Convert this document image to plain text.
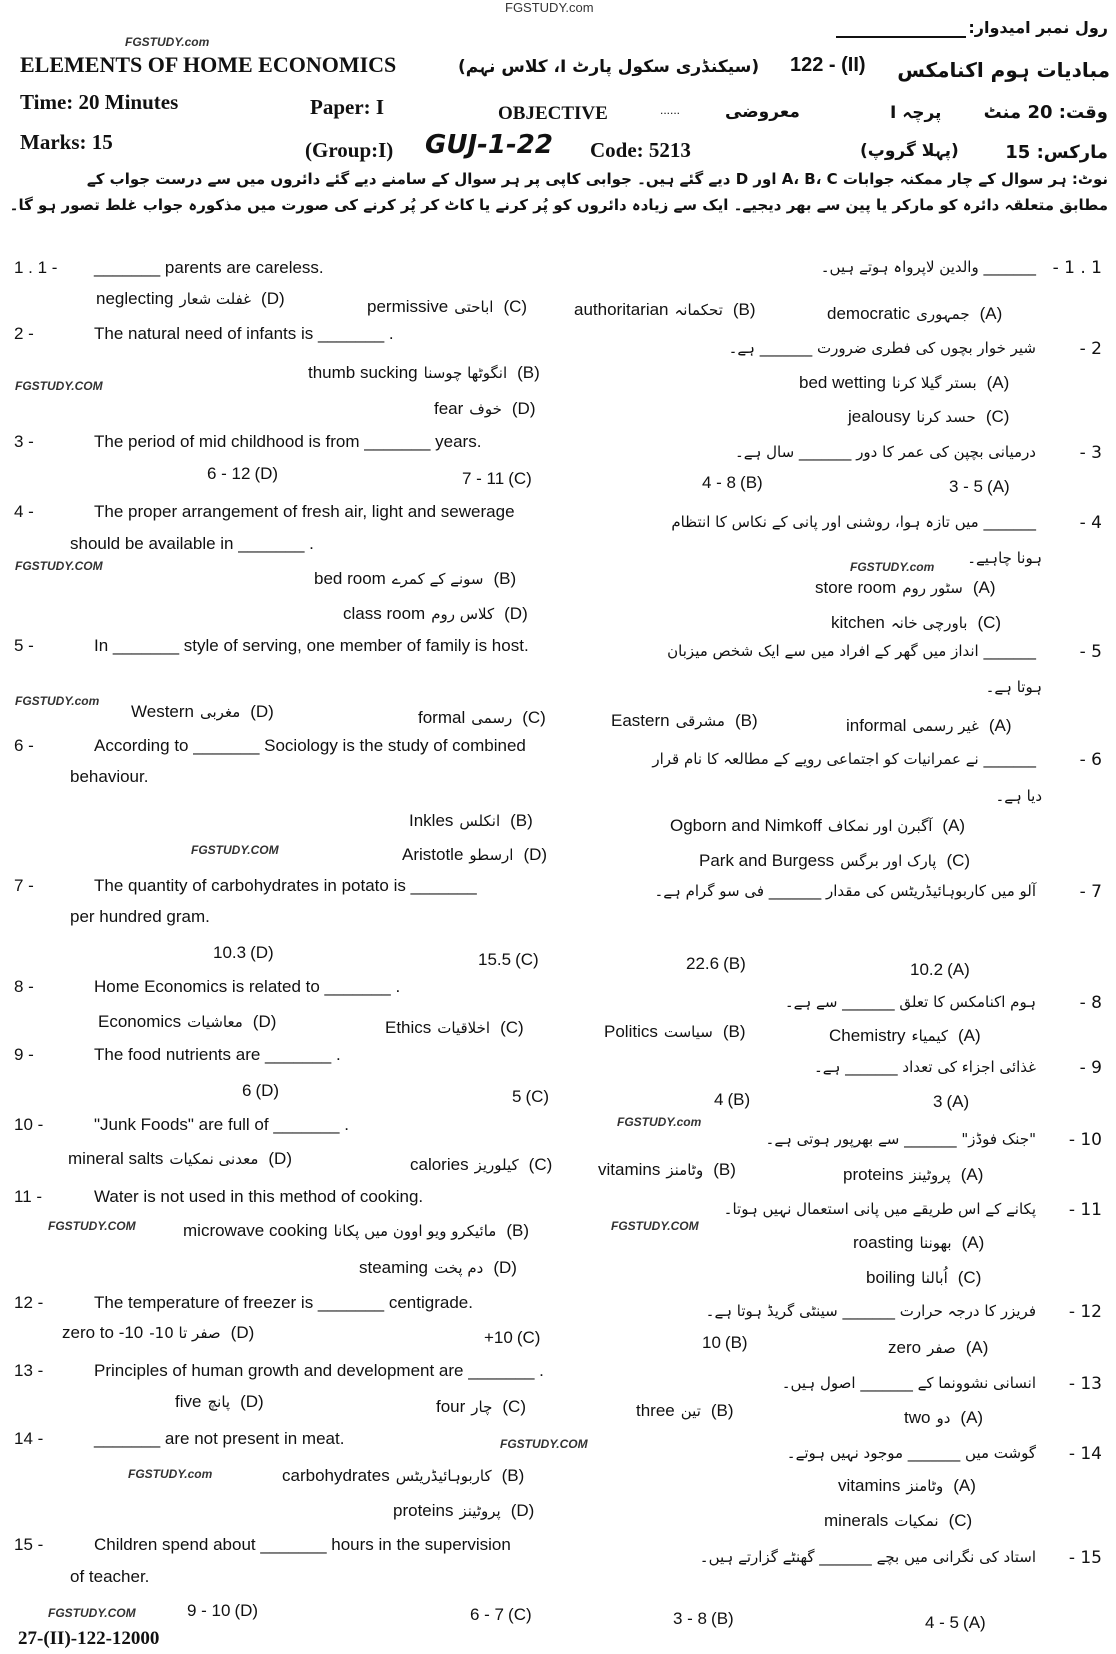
FGSTUDY.com
رول نمبر امیدوار:
ELEMENTS OF HOME ECONOMICS	(سیکنڈری سکول پارٹ I، کلاس نہم) 122 - (II) مبادیات ہوم اکنامکس
Time: 20 Minutes	Paper: I	OBJECTIVE	......	معروضی	پرچہ I وقت: 20 منٹ
Marks: 15	(Group:I) GUJ-1-22 Code: 5213	(پہلا گروپ)	مارکس: 15
نوٹ: ہر سوال کے چار ممکنہ جوابات A، B، C اور D دیے گئے ہیں۔ جوابی کاپی پر ہر سوال کے سامنے دیے گئے دائروں میں سے درست جواب کے
مطابق متعلقہ دائرہ کو مارکر یا پین سے بھر دیجیے۔ ایک سے زیادہ دائروں کو پُر کرنے یا کاٹ کر پُر کرنے کی صورت میں مذکورہ جواب غلط تصور ہو گا۔
1 . 1 - _______ parents are careless.	- 1 . 1
_______ والدین لاپرواہ ہوتے ہیں۔
democratic جمہوری (A)
authoritarian تحکمانہ (B)
permissive اباحتی (C)
neglecting غفلت شعار (D)
2 -	The natural need of infants is _______ .
- 2
شیر خوار بچوں کی فطری ضرورت _______ ہے۔
bed wetting بستر گیلا کرنا (A)
thumb sucking انگوٹھا چوسنا (B)
jealousy حسد کرنا (C)
fear خوف (D)
3 -	The period of mid childhood is from _______ years.
- 3
درمیانی بچپن کی عمر کا دور _______ سال ہے۔
3 - 5 (A)
4 - 8 (B)
7 - 11 (C)
6 - 12 (D)
4 -	The proper arrangement of fresh air, light and sewerage
should be available in _______ .
- 4
_______ میں تازہ ہوا، روشنی اور پانی کے نکاس کا انتظام
ہونا چاہیے۔
store room سٹور روم (A)
bed room سونے کے کمرے (B)
kitchen باورچی خانہ (C)
class room کلاس روم (D)
5 -	In _______ style of serving, one member of family is host.	- 5
_______ انداز میں گھر کے افراد میں سے ایک شخص میزبان
ہوتا ہے۔
informal غیر رسمی (A)
Eastern مشرقی (B)
formal رسمی (C)
Western مغربی (D)
6 -	According to _______ Sociology is the study of combined
behaviour.
- 6
_______ نے عمرانیات کو اجتماعی رویے کے مطالعہ کا نام قرار
دیا ہے۔
Ogborn and Nimkoff آگبرن اور نمکاف (A)
Inkles انکلس (B)
Park and Burgess پارک اور برگس (C)
Aristotle ارسطو (D)
7 -	The quantity of carbohydrates in potato is _______
per hundred gram.
- 7
آلو میں کاربوہائیڈریٹس کی مقدار _______ فی سو گرام ہے۔
10.2 (A)
22.6 (B)
15.5 (C)
10.3 (D)
8 -	Home Economics is related to _______ .
- 8
ہوم اکنامکس کا تعلق _______ سے ہے۔
Chemistry کیمیاء (A)
Politics سیاست (B)
Ethics اخلاقیات (C)
Economics معاشیات (D)
9 -	The food nutrients are _______ .
- 9
غذائی اجزاء کی تعداد _______ ہے۔
3 (A)
4 (B)
5 (C)
6 (D)
10 -	"Junk Foods" are full of _______ .
- 10
"جنک فوڈز" _______ سے بھرپور ہوتی ہے۔
proteins پروٹینز (A)
vitamins وٹامنز (B)
calories کیلوریز (C)
mineral salts معدنی نمکیات (D)
11 -	Water is not used in this method of cooking.
- 11
پکانے کے اس طریقے میں پانی استعمال نہیں ہوتا۔
roasting بھوننا (A)
microwave cooking مائیکرو ویو اوون میں پکانا (B)
boiling اُبالنا (C)
steaming دم پخت (D)
12 -	The temperature of freezer is _______ centigrade.	- 12
فریزر کا درجہ حرارت _______ سینٹی گریڈ ہوتا ہے۔
zero صفر (A)
10 (B)
+10 (C)
zero to -10 -10 صفر تا (D)
13 -	Principles of human growth and development are _______ .
- 13
انسانی نشوونما کے _______ اصول ہیں۔
two دو (A)
three تین (B)
four چار (C)
five پانچ (D)
14 -	_______ are not present in meat.
- 14
گوشت میں _______ موجود نہیں ہوتے۔
vitamins وٹامنز (A)
carbohydrates کاربوہائیڈریٹس (B)
minerals نمکیات (C)
proteins پروٹینز (D)
15 -	Children spend about _______ hours in the supervision
of teacher.
- 15
استاد کی نگرانی میں بچے _______ گھنٹے گزارتے ہیں۔
4 - 5 (A)
3 - 8 (B)
6 - 7 (C)
9 - 10 (D)
FGSTUDY.com
FGSTUDY.COM
FGSTUDY.COM	FGSTUDY.com
FGSTUDY.com
FGSTUDY.COM
FGSTUDY.com
FGSTUDY.COM	FGSTUDY.COM
FGSTUDY.com
FGSTUDY.COM
FGSTUDY.COM
27-(II)-122-12000
